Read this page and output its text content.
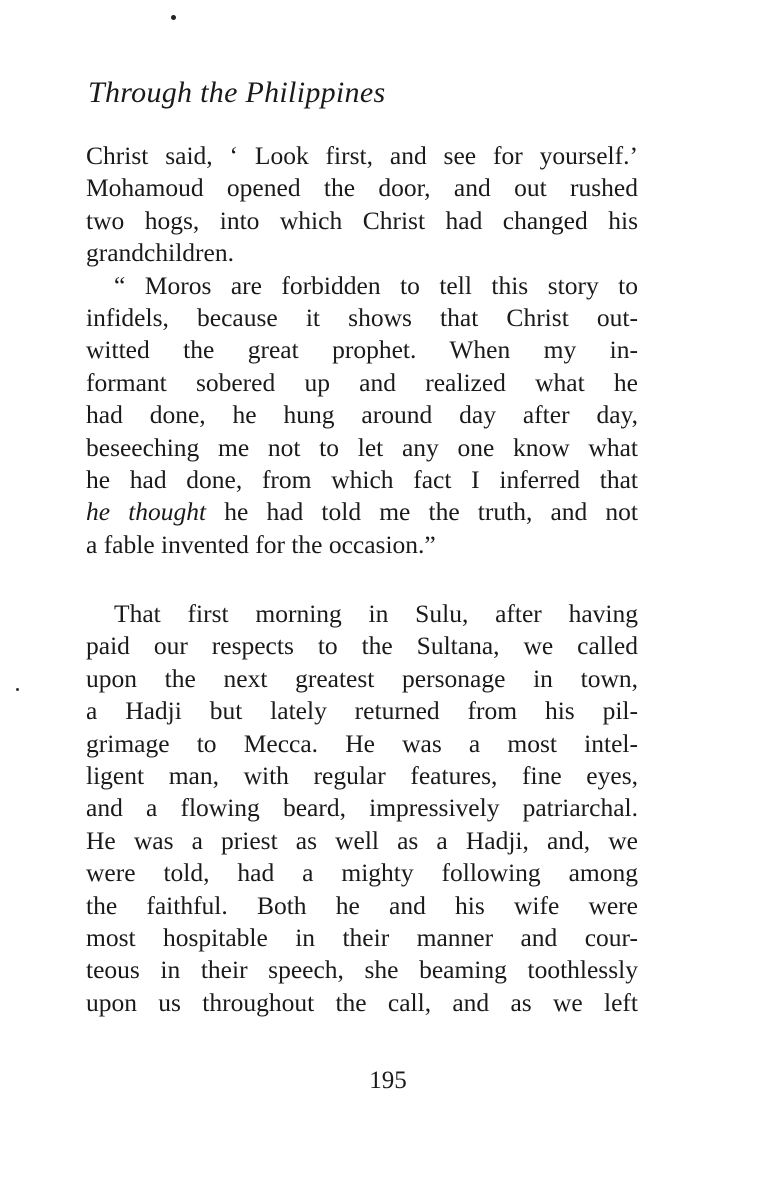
Through the Philippines
Christ said, ‘ Look first, and see for yourself.’
Mohamoud opened the door, and out rushed
two hogs, into which Christ had changed his
grandchildren.
“ Moros are forbidden to tell this story to
infidels, because it shows that Christ out-
witted the great prophet. When my in-
formant sobered up and realized what he
had done, he hung around day after day,
beseeching me not to let any one know what
he had done, from which fact I inferred that
he thought he had told me the truth, and not
a fable invented for the occasion.”
That first morning in Sulu, after having
paid our respects to the Sultana, we called
upon the next greatest personage in town,
a Hadji but lately returned from his pil-
grimage to Mecca. He was a most intel-
ligent man, with regular features, fine eyes,
and a flowing beard, impressively patriarchal.
He was a priest as well as a Hadji, and, we
were told, had a mighty following among
the faithful. Both he and his wife were
most hospitable in their manner and cour-
teous in their speech, she beaming toothlessly
upon us throughout the call, and as we left
195
